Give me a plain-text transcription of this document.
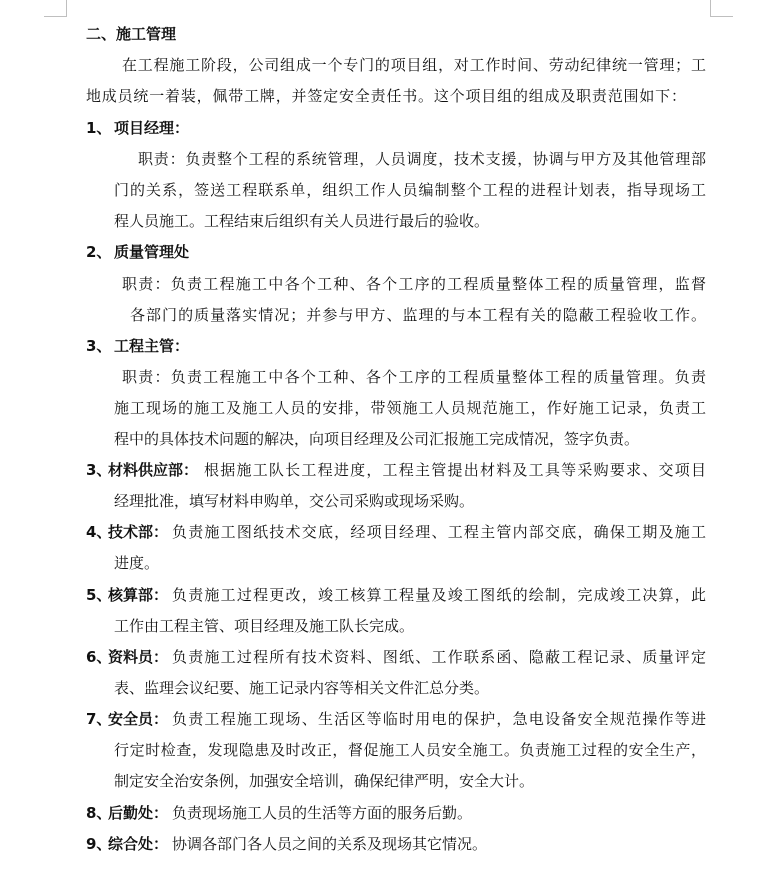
二、施工管理
在工程施工阶段，公司组成一个专门的项目组，对工作时间、劳动纪律统一管理；工
地成员统一着装，佩带工牌，并签定安全责任书。这个项目组的组成及职责范围如下：
1、 项目经理：
职责：负责整个工程的系统管理，人员调度，技术支援，协调与甲方及其他管理部
门的关系，签送工程联系单，组织工作人员编制整个工程的进程计划表，指导现场工
程人员施工。工程结束后组织有关人员进行最后的验收。
2、 质量管理处
职责：负责工程施工中各个工种、各个工序的工程质量整体工程的质量管理，监督
各部门的质量落实情况；并参与甲方、监理的与本工程有关的隐蔽工程验收工作。
3、 工程主管：
职责：负责工程施工中各个工种、各个工序的工程质量整体工程的质量管理。负责
施工现场的施工及施工人员的安排，带领施工人员规范施工，作好施工记录，负责工
程中的具体技术问题的解决，向项目经理及公司汇报施工完成情况，签字负责。
3、
材料供应部： 根据施工队长工程进度，工程主管提出材料及工具等采购要求、交项目
经理批准，填写材料申购单，交公司采购或现场采购。
4、
技术部： 负责施工图纸技术交底，经项目经理、工程主管内部交底，确保工期及施工
进度。
5、
核算部： 负责施工过程更改，竣工核算工程量及竣工图纸的绘制，完成竣工决算，此
工作由工程主管、项目经理及施工队长完成。
6、
资料员： 负责施工过程所有技术资料、图纸、工作联系函、隐蔽工程记录、质量评定
表、监理会议纪要、施工记录内容等相关文件汇总分类。
7、
安全员： 负责工程施工现场、生活区等临时用电的保护，急电设备安全规范操作等进
行定时检查，发现隐患及时改正，督促施工人员安全施工。负责施工过程的安全生产，
制定安全治安条例，加强安全培训，确保纪律严明，安全大计。
8、
后勤处： 负责现场施工人员的生活等方面的服务后勤。
9、
综合处： 协调各部门各人员之间的关系及现场其它情况。
